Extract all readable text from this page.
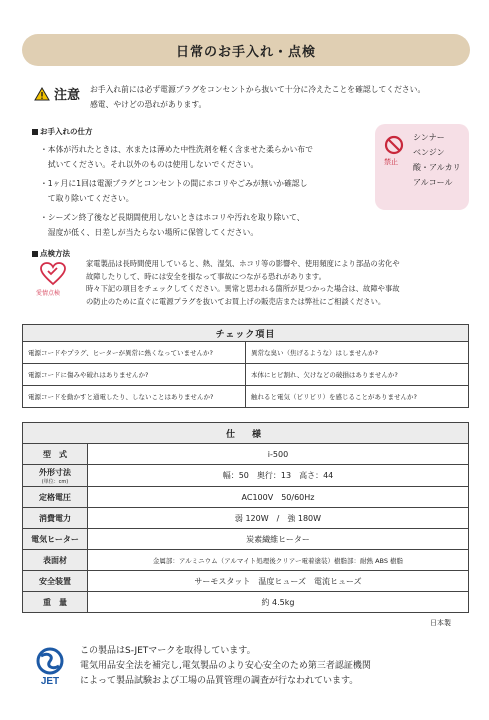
日常のお手入れ・点検
注意 お手入れ前には必ず電源プラグをコンセントから抜いて十分に冷えたことを確認してください。
感電、やけどの恐れがあります。
お手入れの仕方
・本体が汚れたときは、水または薄めた中性洗剤を軽く含ませた柔らかい布で
　拭いてください。それ以外のものは使用しないでください。
・1ヶ月に1回は電源プラグとコンセントの間にホコリやごみが無いか確認し
　て取り除いてください。
・シーズン終了後など長期間使用しないときはホコリや汚れを取り除いて、
　湿度が低く、日差しが当たらない場所に保管してください。
禁止
シンナー
ベンジン
酸・アルカリ
アルコール
点検方法
愛情点検
家電製品は長時間使用していると、熱、湿気、ホコリ等の影響や、使用頻度により部品の劣化や
故障したりして、時には安全を損なって事故につながる恐れがあります。
時々下記の項目をチェックしてください。異常と思われる箇所が見つかった場合は、故障や事故
の防止のために直ぐに電源プラグを抜いてお買上げの販売店または弊社にご相談ください。
チェック項目	
電源コードやプラグ、ヒーターが異常に熱くなっていませんか?	異常な臭い（焦げるような）はしませんか?
電源コードに傷みや破れはありませんか?	本体にヒビ割れ、欠けなどの破損はありませんか?
電源コードを動かすと通電したり、しないことはありませんか?	触れると電気（ビリビリ）を感じることがありませんか?
仕　様	
型　式	i-500
外形寸法
(単位：cm)	幅：50　奥行：13　高さ：44
定格電圧	AC100V　50/60Hz
消費電力	弱 120W　/　強 180W
電気ヒーター	炭素繊維ヒーター
表面材	金属部：アルミニウム（アルマイト処理後クリアー電着塗装）樹脂部：耐熱 ABS 樹脂
安全装置	サーモスタット　温度ヒューズ　電流ヒューズ
重　量	約 4.5kg
日本製
JET
この製品はS-JETマークを取得しています。
電気用品安全法を補完し,電気製品のより安心安全のため第三者認証機関
によって製品試験および工場の品質管理の調査が行なわれています。
